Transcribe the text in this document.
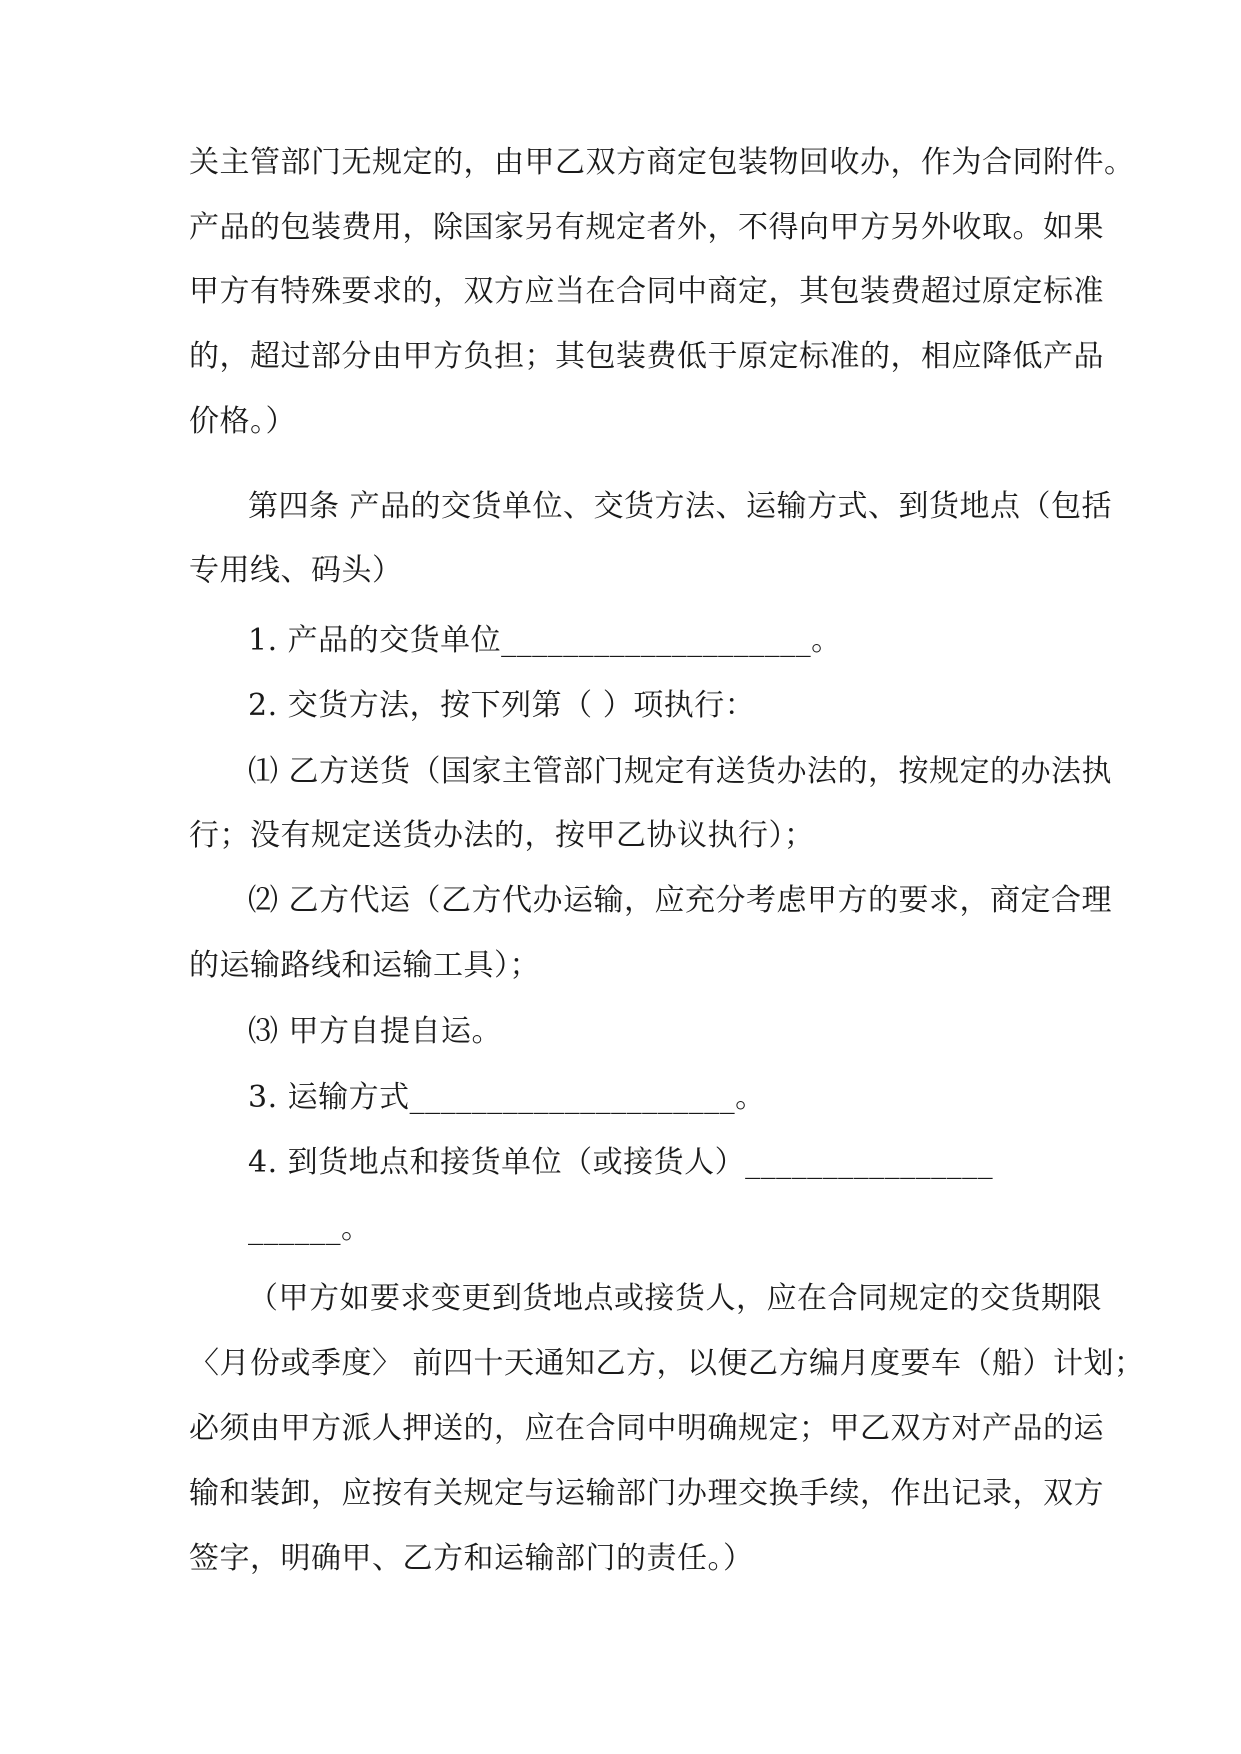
关主管部门无规定的，由甲乙双方商定包装物回收办，作为合同附件。
产品的包装费用，除国家另有规定者外，不得向甲方另外收取。如果
甲方有特殊要求的，双方应当在合同中商定，其包装费超过原定标准
的，超过部分由甲方负担；其包装费低于原定标准的，相应降低产品
价格。）
第四条 产品的交货单位、交货方法、运输方式、到货地点（包括
专用线、码头）
1. 产品的交货单位____________________。
2. 交货方法，按下列第（ ）项执行：
⑴ 乙方送货（国家主管部门规定有送货办法的，按规定的办法执
行；没有规定送货办法的，按甲乙协议执行）；
⑵ 乙方代运（乙方代办运输，应充分考虑甲方的要求，商定合理
的运输路线和运输工具）；
⑶ 甲方自提自运。
3. 运输方式_____________________。
4. 到货地点和接货单位（或接货人）________________
______。
（甲方如要求变更到货地点或接货人，应在合同规定的交货期限
〈月份或季度〉 前四十天通知乙方，以便乙方编月度要车（船）计划；
必须由甲方派人押送的，应在合同中明确规定；甲乙双方对产品的运
输和装卸，应按有关规定与运输部门办理交换手续，作出记录，双方
签字，明确甲、乙方和运输部门的责任。）
